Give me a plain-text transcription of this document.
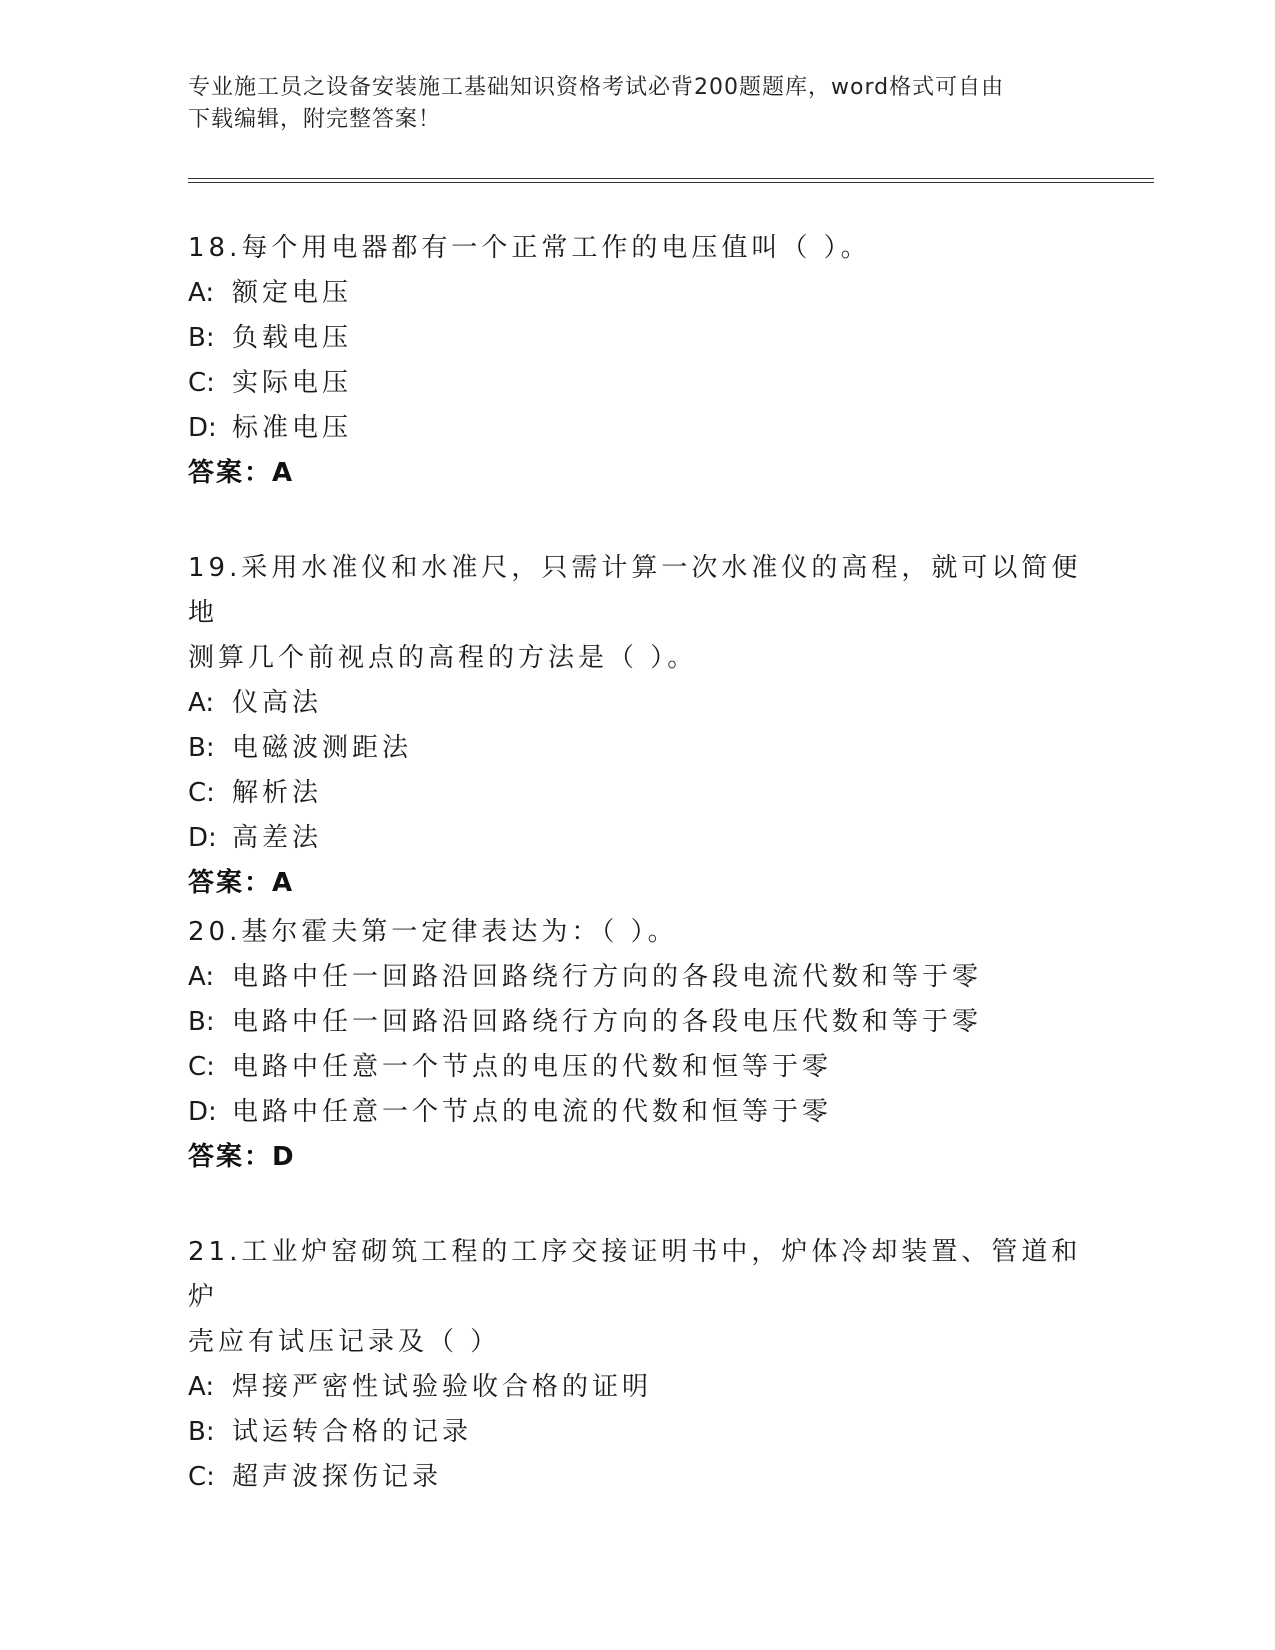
专业施工员之设备安装施工基础知识资格考试必背200题题库，word格式可自由
下载编辑，附完整答案！

18.每个用电器都有一个正常工作的电压值叫（ ）。

A: 额定电压
B: 负载电压
C: 实际电压
D: 标准电压

答案：A

19.采用水准仪和水准尺，只需计算一次水准仪的高程，就可以简便地

测算几个前视点的高程的方法是（ ）。

A: 仪高法
B: 电磁波测距法
C: 解析法
D: 高差法

答案：A

20.基尔霍夫第一定律表达为：（ ）。

A: 电路中任一回路沿回路绕行方向的各段电流代数和等于零
B: 电路中任一回路沿回路绕行方向的各段电压代数和等于零
C: 电路中任意一个节点的电压的代数和恒等于零
D: 电路中任意一个节点的电流的代数和恒等于零

答案：D

21.工业炉窑砌筑工程的工序交接证明书中，炉体冷却装置、管道和炉

壳应有试压记录及（ ）

A: 焊接严密性试验验收合格的证明
B: 试运转合格的记录
C: 超声波探伤记录
